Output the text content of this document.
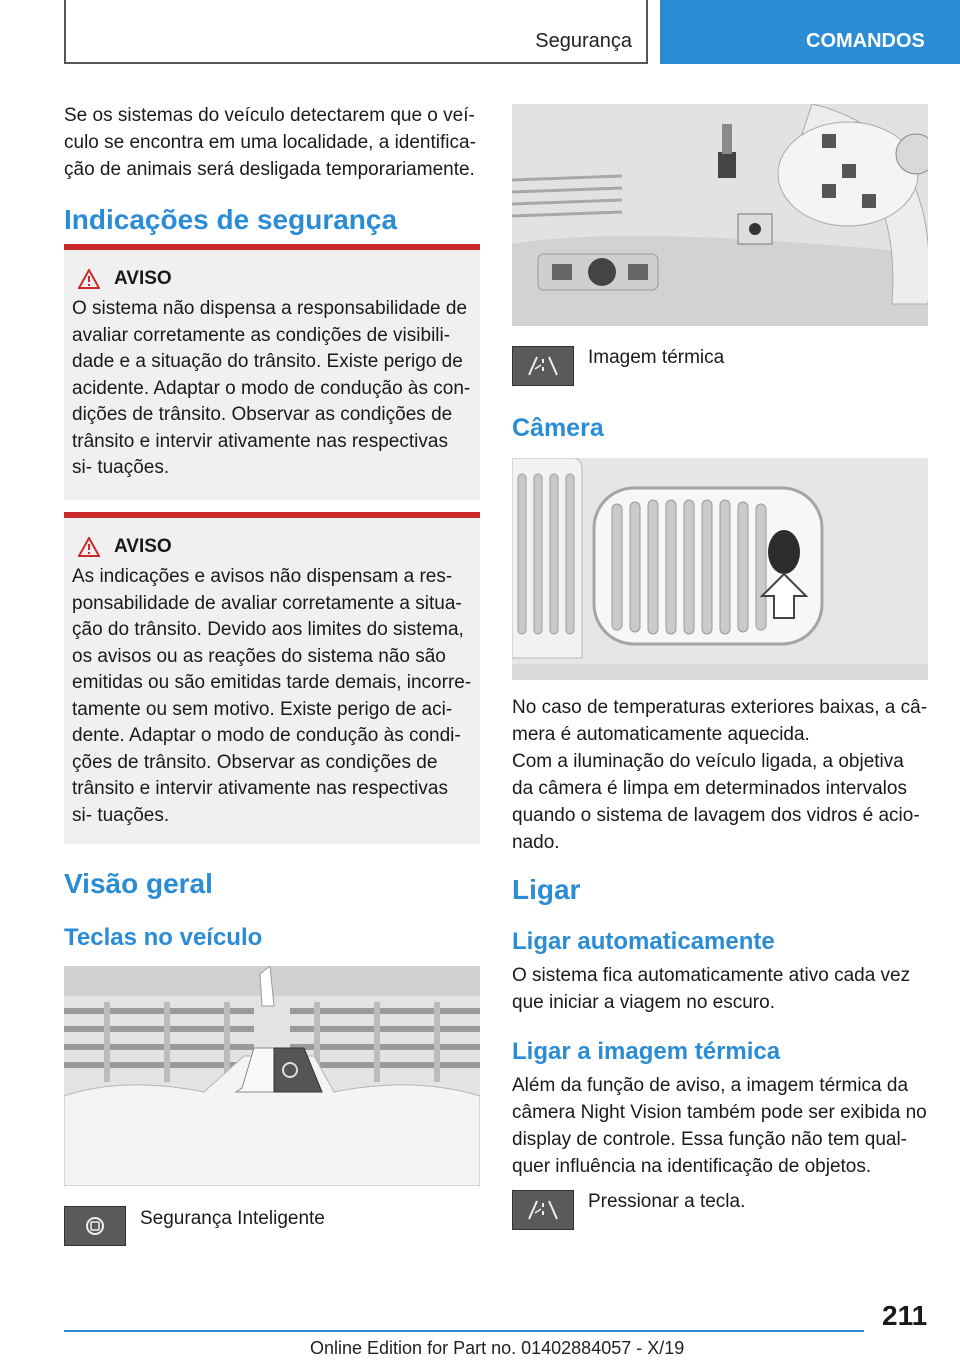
Segurança	COMANDOS

Se os sistemas do veículo detectarem que o veí- culo se encontra em uma localidade, a identifica- ção de animais será desligada temporariamente.

Indicações de segurança
AVISO

O sistema não dispensa a responsabilidade de avaliar corretamente as condições de visibili- dade e a situação do trânsito. Existe perigo de acidente. Adaptar o modo de condução às con- dições de trânsito. Observar as condições de trânsito e intervir ativamente nas respectivas si- tuações.

AVISO

As indicações e avisos não dispensam a res- ponsabilidade de avaliar corretamente a situa- ção do trânsito. Devido aos limites do sistema, os avisos ou as reações do sistema não são emitidas ou são emitidas tarde demais, incorre- tamente ou sem motivo. Existe perigo de aci- dente. Adaptar o modo de condução às condi- ções de trânsito. Observar as condições de trânsito e intervir ativamente nas respectivas si- tuações.

Visão geral
Teclas no veículo

Segurança Inteligente

Imagem térmica

Câmera

No caso de temperaturas exteriores baixas, a câ- mera é automaticamente aquecida.

Com a iluminação do veículo ligada, a objetiva da câmera é limpa em determinados intervalos quando o sistema de lavagem dos vidros é acio- nado.

Ligar
Ligar automaticamente

O sistema fica automaticamente ativo cada vez que iniciar a viagem no escuro.

Ligar a imagem térmica

Além da função de aviso, a imagem térmica da câmera Night Vision também pode ser exibida no display de controle. Essa função não tem qual- quer influência na identificação de objetos.

Pressionar a tecla.

211
Online Edition for Part no. 01402884057 - X/19
